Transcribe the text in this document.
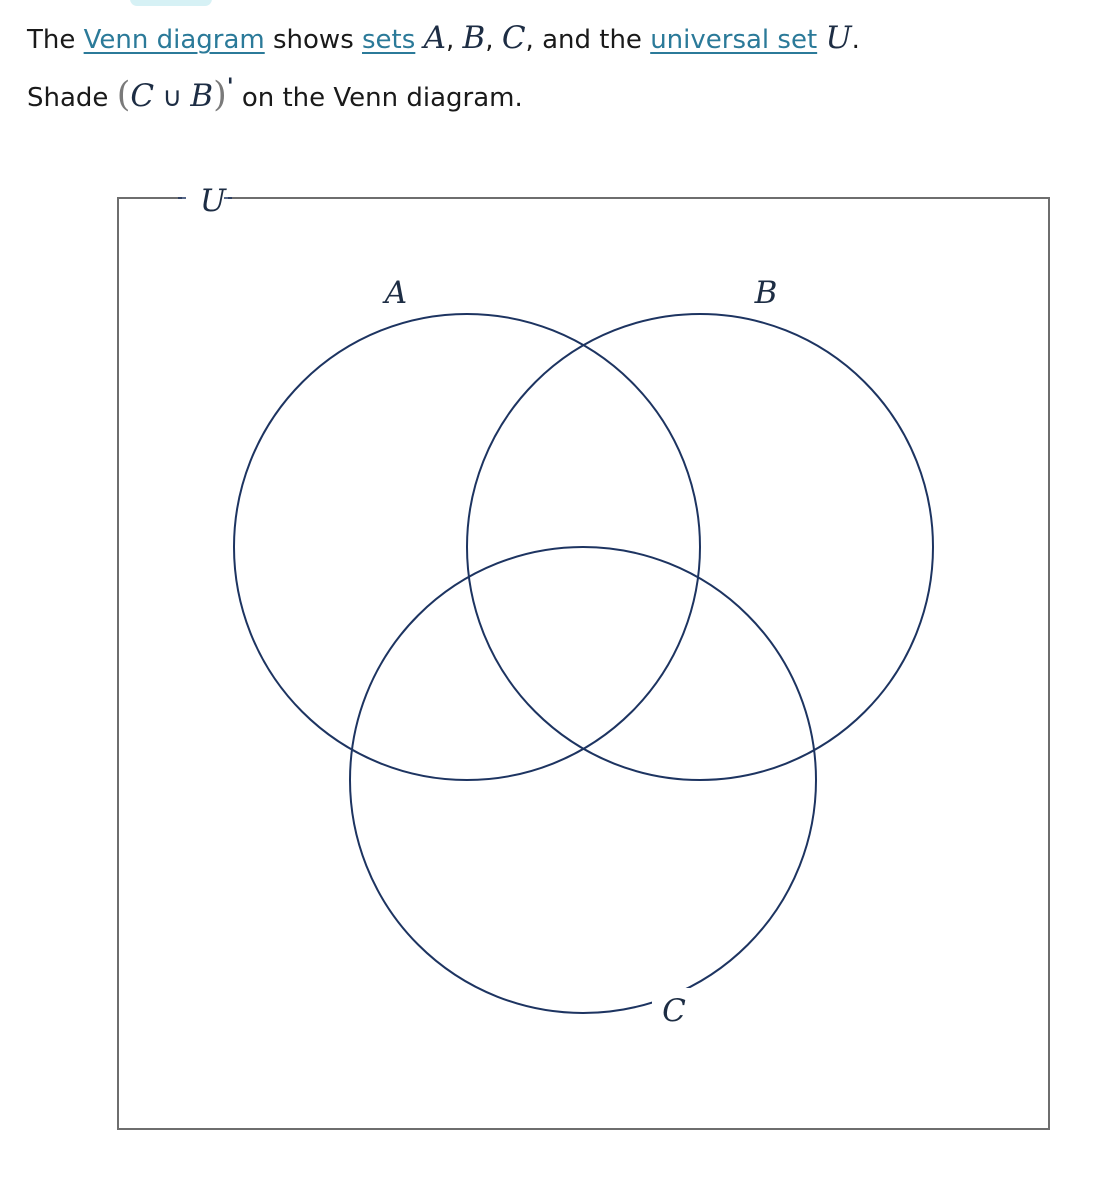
The Venn diagram shows sets A, B, C, and the universal set U.
Shade (C ∪ B)' on the Venn diagram.
U
A	B
C
